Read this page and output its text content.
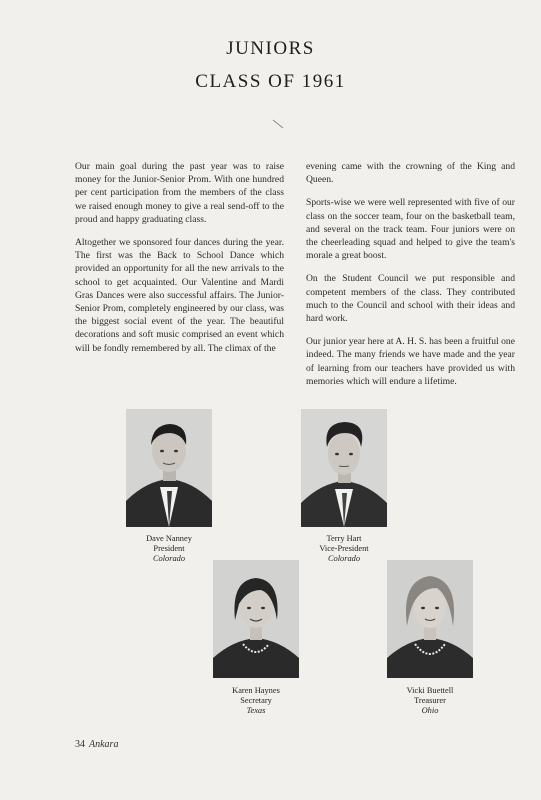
JUNIORS
CLASS OF 1961

Our main goal during the past year was to raise money for the Junior-Senior Prom. With one hundred per cent participation from the members of the class we raised enough money to give a real send-off to the proud and happy graduating class.

Altogether we sponsored four dances during the year. The first was the Back to School Dance which provided an opportunity for all the new arrivals to the school to get acquainted. Our Valentine and Mardi Gras Dances were also successful affairs. The Junior-Senior Prom, completely engineered by our class, was the biggest social event of the year. The beautiful decorations and soft music comprised an event which will be fondly remembered by all. The climax of the

evening came with the crowning of the King and Queen.

Sports-wise we were well represented with five of our class on the soccer team, four on the basketball team, and several on the track team. Four juniors were on the cheerleading squad and helped to give the team's morale a great boost.

On the Student Council we put responsible and competent members of the class. They contributed much to the Council and school with their ideas and hard work.

Our junior year here at A. H. S. has been a fruitful one indeed. The many friends we have made and the year of learning from our teachers have provided us with memories which will endure a lifetime.

Dave Nanney
President
Colorado
Terry Hart
Vice-President
Colorado
Karen Haynes
Secretary
Texas
Vicki Buettell
Treasurer
Ohio
34 Ankara
